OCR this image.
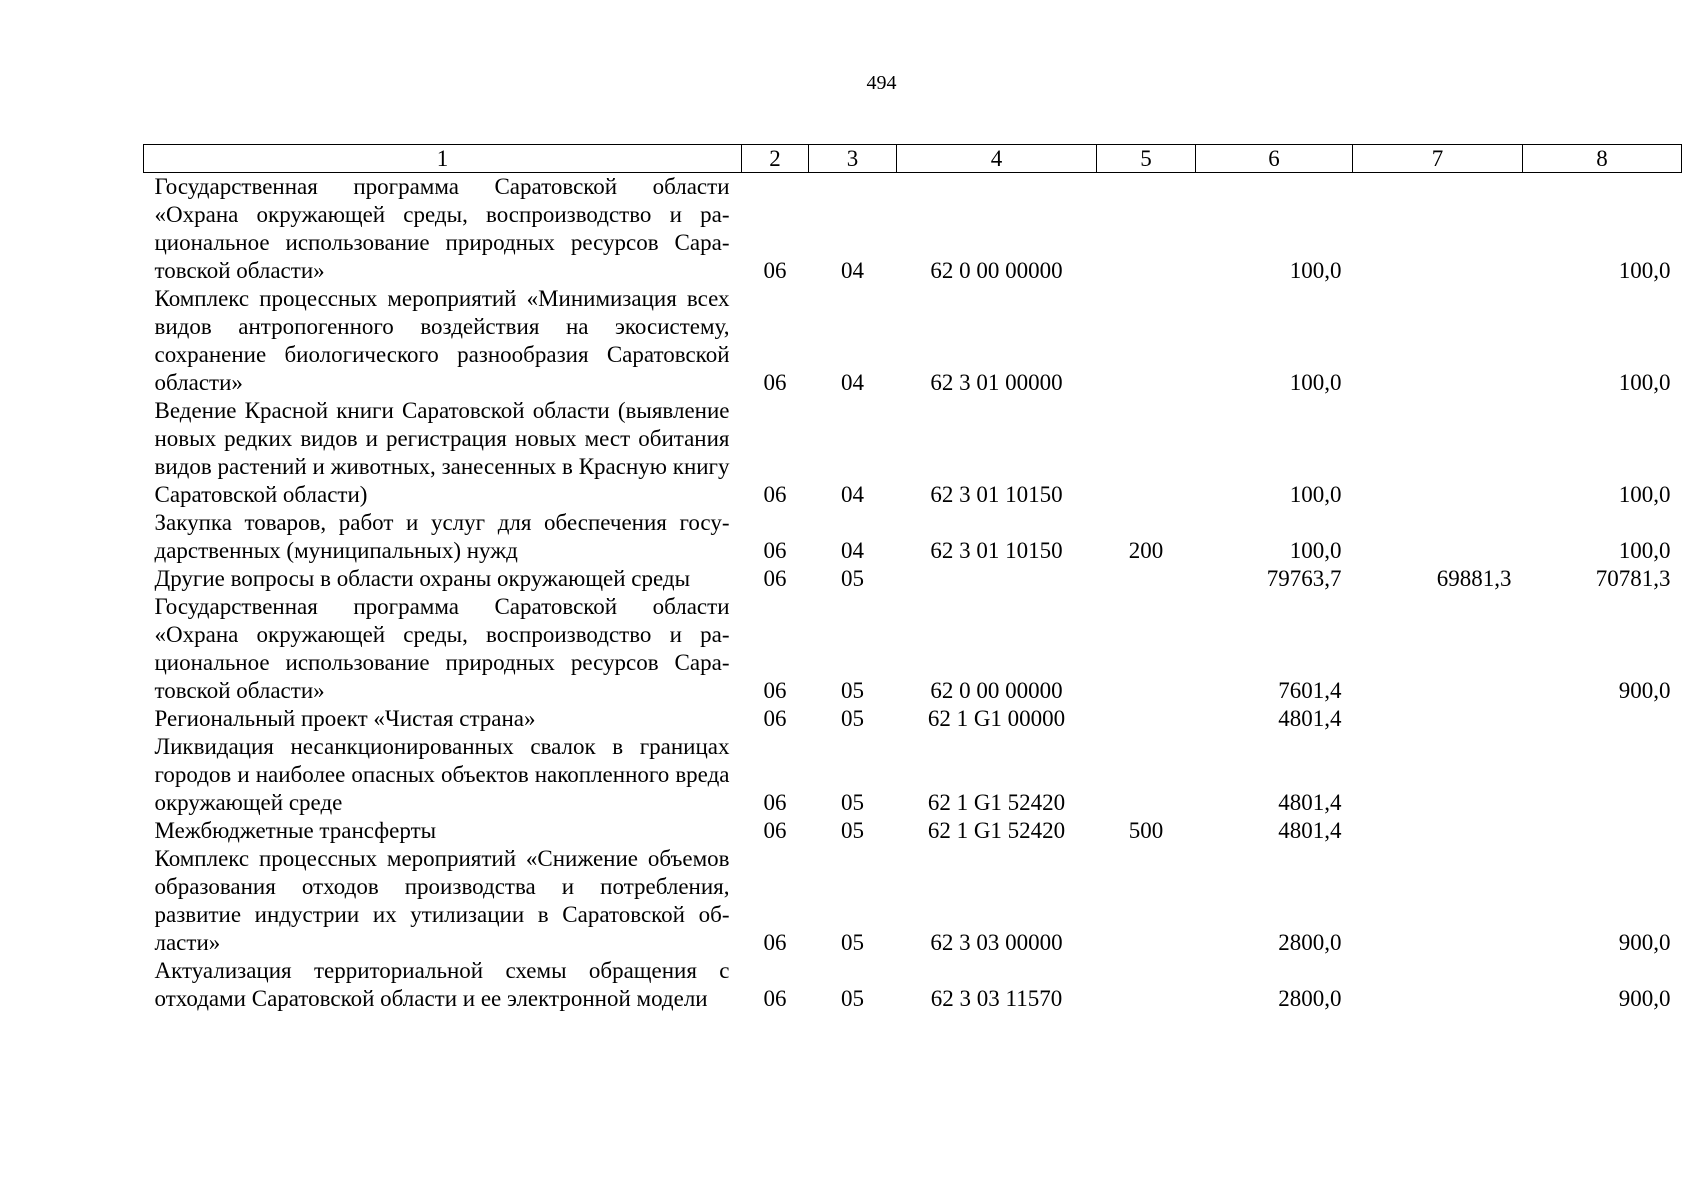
494
1	2	3	4	5	6	7	8
Государственная программа Саратовской области «Охрана окружающей среды, воспроизводство и рациональное использование природных ресурсов Саратовской области»	06	04	62 0 00 00000		100,0		100,0
Комплекс процессных мероприятий «Минимизация всех видов антропогенного воздействия на экосистему, сохранение биологического разнообразия Саратовской области»	06	04	62 3 01 00000		100,0		100,0
Ведение Красной книги Саратовской области (выявление новых редких видов и регистрация новых мест обитания видов растений и животных, занесенных в Красную книгу Саратовской области)	06	04	62 3 01 10150		100,0		100,0
Закупка товаров, работ и услуг для обеспечения государственных (муниципальных) нужд	06	04	62 3 01 10150	200	100,0		100,0
Другие вопросы в области охраны окружающей среды	06	05			79763,7	69881,3	70781,3
Государственная программа Саратовской области «Охрана окружающей среды, воспроизводство и рациональное использование природных ресурсов Саратовской области»	06	05	62 0 00 00000		7601,4		900,0
Региональный проект «Чистая страна»	06	05	62 1 G1 00000		4801,4		
Ликвидация несанкционированных свалок в границах городов и наиболее опасных объектов накопленного вреда окружающей среде	06	05	62 1 G1 52420		4801,4		
Межбюджетные трансферты	06	05	62 1 G1 52420	500	4801,4		
Комплекс процессных мероприятий «Снижение объемов образования отходов производства и потребления, развитие индустрии их утилизации в Саратовской области»	06	05	62 3 03 00000		2800,0		900,0
Актуализация территориальной схемы обращения с отходами Саратовской области и ее электронной модели	06	05	62 3 03 11570		2800,0		900,0
